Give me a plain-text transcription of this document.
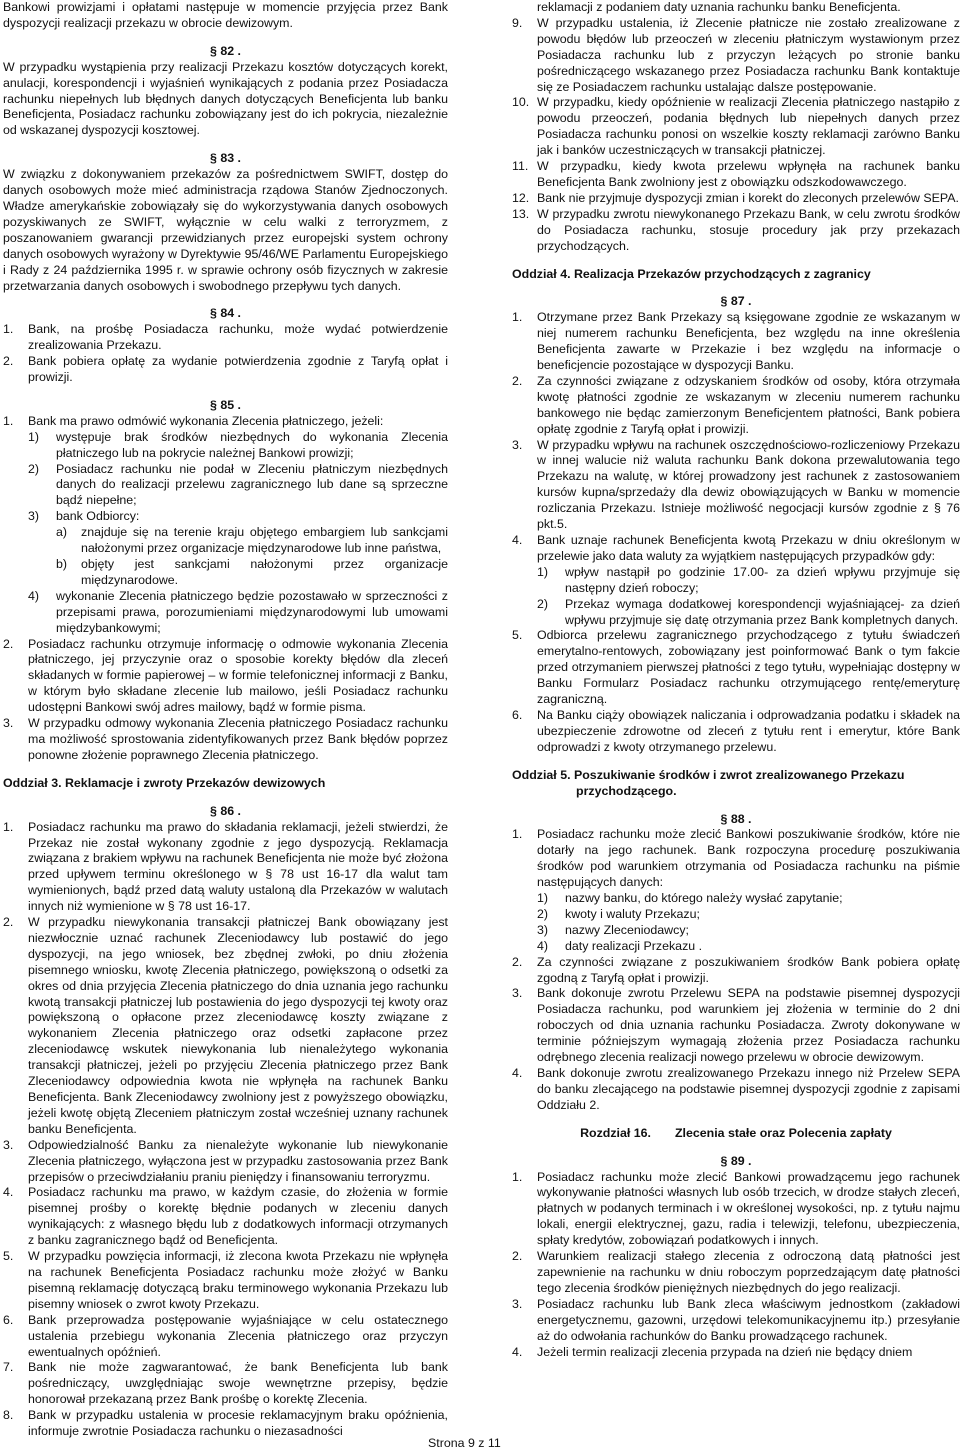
Bankowi prowizjami i opłatami następuje w momencie przyjęcia przez Bank dyspozycji realizacji przekazu w obrocie dewizowym.

§ 82 .

W przypadku wystąpienia przy realizacji Przekazu kosztów dotyczących korekt, anulacji, korespondencji i wyjaśnień wynikających z podania przez Posiadacza rachunku niepełnych lub błędnych danych dotyczących Beneficjenta lub banku Beneficjenta, Posiadacz rachunku zobowiązany jest do ich pokrycia, niezależnie od wskazanej dyspozycji kosztowej.

§ 83 .

W związku z dokonywaniem przekazów za pośrednictwem SWIFT, dostęp do danych osobowych może mieć administracja rządowa Stanów Zjednoczonych. Władze amerykańskie zobowiązały się do wykorzystywania danych osobowych pozyskiwanych ze SWIFT, wyłącznie w celu walki z terroryzmem, z poszanowaniem gwarancji przewidzianych przez europejski system ochrony danych osobowych wyrażony w Dyrektywie 95/46/WE Parlamentu Europejskiego i Rady z 24 października 1995 r. w sprawie ochrony osób fizycznych w zakresie przetwarzania danych osobowych i swobodnego przepływu tych danych.

§ 84 .

1.	Bank, na prośbę Posiadacza rachunku, może wydać potwierdzenie zrealizowania Przekazu.
2.	Bank pobiera opłatę za wydanie potwierdzenia zgodnie z Taryfą opłat i prowizji.

§ 85 .

1.	Bank ma prawo odmówić wykonania Zlecenia płatniczego, jeżeli:
1)	występuje brak środków niezbędnych do wykonania Zlecenia płatniczego lub na pokrycie należnej Bankowi prowizji;
2)	Posiadacz rachunku nie podał w Zleceniu płatniczym niezbędnych danych do realizacji przelewu zagranicznego lub dane są sprzeczne bądź niepełne;
3)	bank Odbiorcy:
a)	znajduje się na terenie kraju objętego embargiem lub sankcjami nałożonymi przez organizacje międzynarodowe lub inne państwa,
b)	objęty jest sankcjami nałożonymi przez organizacje międzynarodowe.
4)	wykonanie Zlecenia płatniczego będzie pozostawało w sprzeczności z przepisami prawa, porozumieniami międzynarodowymi lub umowami międzybankowymi;
2.	Posiadacz rachunku otrzymuje informację o odmowie wykonania Zlecenia płatniczego, jej przyczynie oraz o sposobie korekty błędów dla zleceń składanych w formie papierowej – w formie telefonicznej informacji z Banku, w którym było składane zlecenie lub mailowo, jeśli Posiadacz rachunku udostępni Bankowi swój adres mailowy, bądź w formie pisma.
3.	W przypadku odmowy wykonania Zlecenia płatniczego Posiadacz rachunku ma możliwość sprostowania zidentyfikowanych przez Bank błędów poprzez ponowne złożenie poprawnego Zlecenia płatniczego.

Oddział 3. Reklamacje i zwroty Przekazów dewizowych

§ 86 .

1.	Posiadacz rachunku ma prawo do składania reklamacji, jeżeli stwierdzi, że Przekaz nie został wykonany zgodnie z jego dyspozycją. Reklamacja związana z brakiem wpływu na rachunek Beneficjenta nie może być złożona przed upływem terminu określonego w § 78 ust 16-17 dla walut tam wymienionych, bądź przed datą waluty ustaloną dla Przekazów w walutach innych niż wymienione w § 78 ust 16-17.
2.	W przypadku niewykonania transakcji płatniczej Bank obowiązany jest niezwłocznie uznać rachunek Zleceniodawcy lub postawić do jego dyspozycji, na jego wniosek, bez zbędnej zwłoki, po dniu złożenia pisemnego wniosku, kwotę Zlecenia płatniczego, powiększoną o odsetki za okres od dnia przyjęcia Zlecenia płatniczego do dnia uznania jego rachunku kwotą transakcji płatniczej lub postawienia do jego dyspozycji tej kwoty oraz powiększoną o opłacone przez zleceniodawcę koszty związane z wykonaniem Zlecenia płatniczego oraz odsetki zapłacone przez zleceniodawcę wskutek niewykonania lub nienależytego wykonania transakcji płatniczej, jeżeli po przyjęciu Zlecenia płatniczego przez Bank Zleceniodawcy odpowiednia kwota nie wpłynęła na rachunek Banku Beneficjenta. Bank Zleceniodawcy zwolniony jest z powyższego obowiązku, jeżeli kwotę objętą Zleceniem płatniczym został wcześniej uznany rachunek banku Beneficjenta.
3.	Odpowiedzialność Banku za nienależyte wykonanie lub niewykonanie Zlecenia płatniczego, wyłączona jest w przypadku zastosowania przez Bank przepisów o przeciwdziałaniu praniu pieniędzy i finansowaniu terroryzmu.
4.	Posiadacz rachunku ma prawo, w każdym czasie, do złożenia w formie pisemnej prośby o korektę błędnie podanych w zleceniu danych wynikających: z własnego błędu lub z dodatkowych informacji otrzymanych z banku zagranicznego bądź od Beneficjenta.
5.	W przypadku powzięcia informacji, iż zlecona kwota Przekazu nie wpłynęła na rachunek Beneficjenta Posiadacz rachunku może złożyć w Banku pisemną reklamację dotyczącą braku terminowego wykonania Przekazu lub pisemny wniosek o zwrot kwoty Przekazu.
6.	Bank przeprowadza postępowanie wyjaśniające w celu ostatecznego ustalenia przebiegu wykonania Zlecenia płatniczego oraz przyczyn ewentualnych opóźnień.
7.	Bank nie może zagwarantować, że bank Beneficjenta lub bank pośredniczący, uwzględniając swoje wewnętrzne przepisy, będzie honorował przekazaną przez Bank prośbę o korektę Zlecenia.
8.	Bank w przypadku ustalenia w procesie reklamacyjnym braku opóźnienia, informuje zwrotnie Posiadacza rachunku o niezasadności

reklamacji z podaniem daty uznania rachunku banku Beneficjenta.

9.	W przypadku ustalenia, iż Zlecenie płatnicze nie zostało zrealizowane z powodu błędów lub przeoczeń w zleceniu płatniczym wystawionym przez Posiadacza rachunku lub z przyczyn leżących po stronie banku pośredniczącego wskazanego przez Posiadacza rachunku Bank kontaktuje się ze Posiadaczem rachunku ustalając dalsze postępowanie.
10. W przypadku, kiedy opóźnienie w realizacji Zlecenia płatniczego nastąpiło z powodu przeoczeń, podania błędnych lub niepełnych danych przez Posiadacza rachunku ponosi on wszelkie koszty reklamacji zarówno Banku jak i banków uczestniczących w transakcji płatniczej.
11. W przypadku, kiedy kwota przelewu wpłynęła na rachunek banku Beneficjenta Bank zwolniony jest z obowiązku odszkodowawczego.
12. Bank nie przyjmuje dyspozycji zmian i korekt do zleconych przelewów SEPA.
13. W przypadku zwrotu niewykonanego Przekazu Bank, w celu zwrotu środków do Posiadacza rachunku, stosuje procedury jak przy przekazach przychodzących.

Oddział 4. Realizacja Przekazów przychodzących z zagranicy

§ 87 .

1.	Otrzymane przez Bank Przekazy są księgowane zgodnie ze wskazanym w niej numerem rachunku Beneficjenta, bez względu na inne określenia Beneficjenta zawarte w Przekazie i bez względu na informacje o beneficjencie pozostające w dyspozycji Banku.
2.	Za czynności związane z odzyskaniem środków od osoby, która otrzymała kwotę płatności zgodnie ze wskazanym w zleceniu numerem rachunku bankowego nie będąc zamierzonym Beneficjentem płatności, Bank pobiera opłatę zgodnie z Taryfą opłat i prowizji.
3.	W przypadku wpływu na rachunek oszczędnościowo-rozliczeniowy Przekazu w innej walucie niż waluta rachunku Bank dokona przewalutowania tego Przekazu na walutę, w której prowadzony jest rachunek z zastosowaniem kursów kupna/sprzedaży dla dewiz obowiązujących w Banku w momencie rozliczania Przekazu. Istnieje możliwość negocjacji kursów zgodnie z § 76 pkt.5.
4.	Bank uznaje rachunek Beneficjenta kwotą Przekazu w dniu określonym w przelewie jako data waluty za wyjątkiem następujących przypadków gdy:
1)	wpływ nastąpił po godzinie 17.00- za dzień wpływu przyjmuje się następny dzień roboczy;
2)	Przekaz wymaga dodatkowej korespondencji wyjaśniającej- za dzień wpływu przyjmuje się datę otrzymania przez Bank kompletnych danych.
5.	Odbiorca przelewu zagranicznego przychodzącego z tytułu świadczeń emerytalno-rentowych, zobowiązany jest poinformować Bank o tym fakcie przed otrzymaniem pierwszej płatności z tego tytułu, wypełniając dostępny w Banku Formularz Posiadacz rachunku otrzymującego rentę/emeryturę zagraniczną.
6.	Na Banku ciąży obowiązek naliczania i odprowadzania podatku i składek na ubezpieczenie zdrowotne od zleceń z tytułu rent i emerytur, które Bank odprowadzi z kwoty otrzymanego przelewu.

Oddział 5. Poszukiwanie środków i zwrot zrealizowanego Przekazu

przychodzącego.

§ 88 .

1.	Posiadacz rachunku może zlecić Bankowi poszukiwanie środków, które nie dotarły na jego rachunek. Bank rozpoczyna procedurę poszukiwania środków pod warunkiem otrzymania od Posiadacza rachunku na piśmie następujących danych:
1)	nazwy banku, do którego należy wysłać zapytanie;
2)	kwoty i waluty Przekazu;
3)	nazwy Zleceniodawcy;
4)	daty realizacji Przekazu .
2.	Za czynności związane z poszukiwaniem środków Bank pobiera opłatę zgodną z Taryfą opłat i prowizji.
3.	Bank dokonuje zwrotu Przelewu SEPA na podstawie pisemnej dyspozycji Posiadacza rachunku, pod warunkiem jej złożenia w terminie do 2 dni roboczych od dnia uznania rachunku Posiadacza. Zwroty dokonywane w terminie późniejszym wymagają złożenia przez Posiadacza rachunku odrębnego zlecenia realizacji nowego przelewu w obrocie dewizowym.
4.	Bank dokonuje zwrotu zrealizowanego Przekazu innego niż Przelew SEPA do banku zlecającego na podstawie pisemnej dyspozycji zgodnie z zapisami Oddziału 2.
Rozdział 16. Zlecenia stałe oraz Polecenia zapłaty

§ 89 .

1.	Posiadacz rachunku może zlecić Bankowi prowadzącemu jego rachunek wykonywanie płatności własnych lub osób trzecich, w drodze stałych zleceń, płatnych w podanych terminach i w określonej wysokości, np. z tytułu najmu lokali, energii elektrycznej, gazu, radia i telewizji, telefonu, ubezpieczenia, spłaty kredytów, zobowiązań podatkowych i innych.
2.	Warunkiem realizacji stałego zlecenia z odroczoną datą płatności jest zapewnienie na rachunku w dniu roboczym poprzedzającym datę płatności tego zlecenia środków pieniężnych niezbędnych do jego realizacji.
3.	Posiadacz rachunku lub Bank zleca właściwym jednostkom (zakładowi energetycznemu, gazowni, urzędowi telekomunikacyjnemu itp.) przesyłanie aż do odwołania rachunków do Banku prowadzącego rachunek.
4.	Jeżeli termin realizacji zlecenia przypada na dzień nie będący dniem
Strona 9 z 11
